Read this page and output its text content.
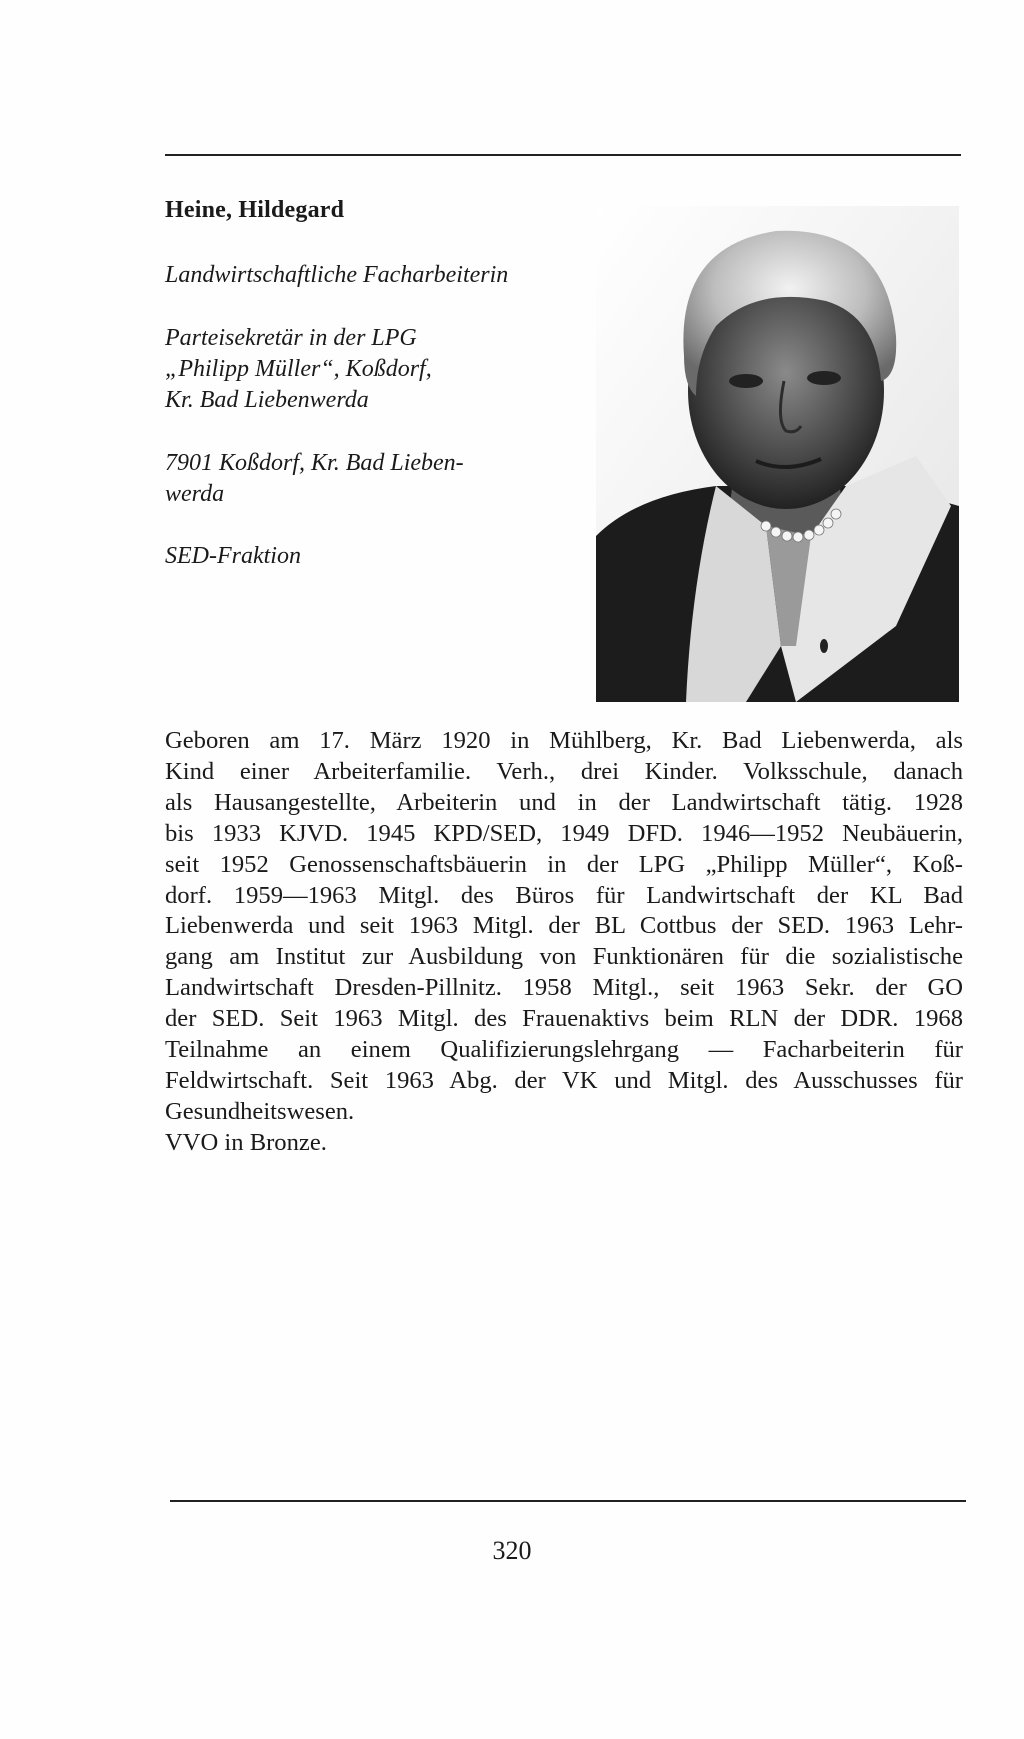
Heine, Hildegard
Landwirtschaftliche Facharbeiterin
Parteisekretär in der LPG
„Philipp Müller“, Koßdorf,
Kr. Bad Liebenwerda
7901 Koßdorf, Kr. Bad Lieben-
werda
SED-Fraktion
Geboren am 17. März 1920 in Mühlberg, Kr. Bad Liebenwerda, als
Kind einer Arbeiterfamilie. Verh., drei Kinder. Volksschule, danach
als Hausangestellte, Arbeiterin und in der Landwirtschaft tätig. 1928
bis 1933 KJVD. 1945 KPD/SED, 1949 DFD. 1946—1952 Neubäuerin,
seit 1952 Genossenschaftsbäuerin in der LPG „Philipp Müller“, Koß-
dorf. 1959—1963 Mitgl. des Büros für Landwirtschaft der KL Bad
Liebenwerda und seit 1963 Mitgl. der BL Cottbus der SED. 1963 Lehr-
gang am Institut zur Ausbildung von Funktionären für die sozialistische
Landwirtschaft Dresden-Pillnitz. 1958 Mitgl., seit 1963 Sekr. der GO
der SED. Seit 1963 Mitgl. des Frauenaktivs beim RLN der DDR. 1968
Teilnahme an einem Qualifizierungslehrgang — Facharbeiterin für
Feldwirtschaft. Seit 1963 Abg. der VK und Mitgl. des Ausschusses für
Gesundheitswesen.
VVO in Bronze.
320
